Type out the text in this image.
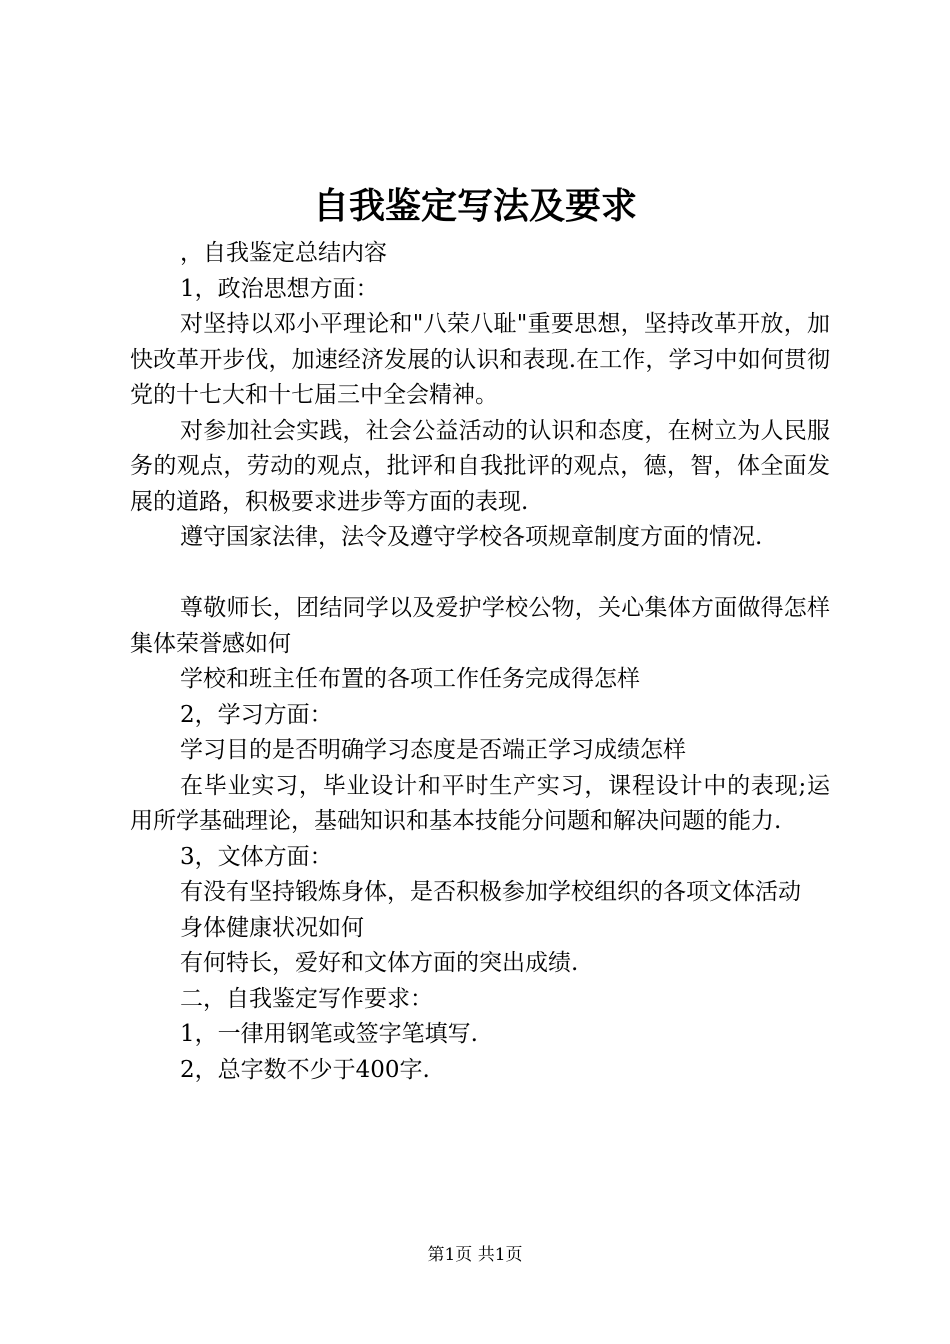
自我鉴定写法及要求

，自我鉴定总结内容

1，政治思想方面：

对坚持以邓小平理论和"八荣八耻"重要思想，坚持改革开放，加快改革开步伐，加速经济发展的认识和表现.在工作，学习中如何贯彻党的十七大和十七届三中全会精神。

对参加社会实践，社会公益活动的认识和态度，在树立为人民服务的观点，劳动的观点，批评和自我批评的观点，德，智，体全面发展的道路，积极要求进步等方面的表现.

遵守国家法律，法令及遵守学校各项规章制度方面的情况.

尊敬师长，团结同学以及爱护学校公物，关心集体方面做得怎样集体荣誉感如何

学校和班主任布置的各项工作任务完成得怎样

2，学习方面：

学习目的是否明确学习态度是否端正学习成绩怎样

在毕业实习，毕业设计和平时生产实习，课程设计中的表现;运用所学基础理论，基础知识和基本技能分问题和解决问题的能力.

3，文体方面：

有没有坚持锻炼身体，是否积极参加学校组织的各项文体活动

身体健康状况如何

有何特长，爱好和文体方面的突出成绩.

二，自我鉴定写作要求：

1，一律用钢笔或签字笔填写.

2，总字数不少于400字.

第1页 共1页
